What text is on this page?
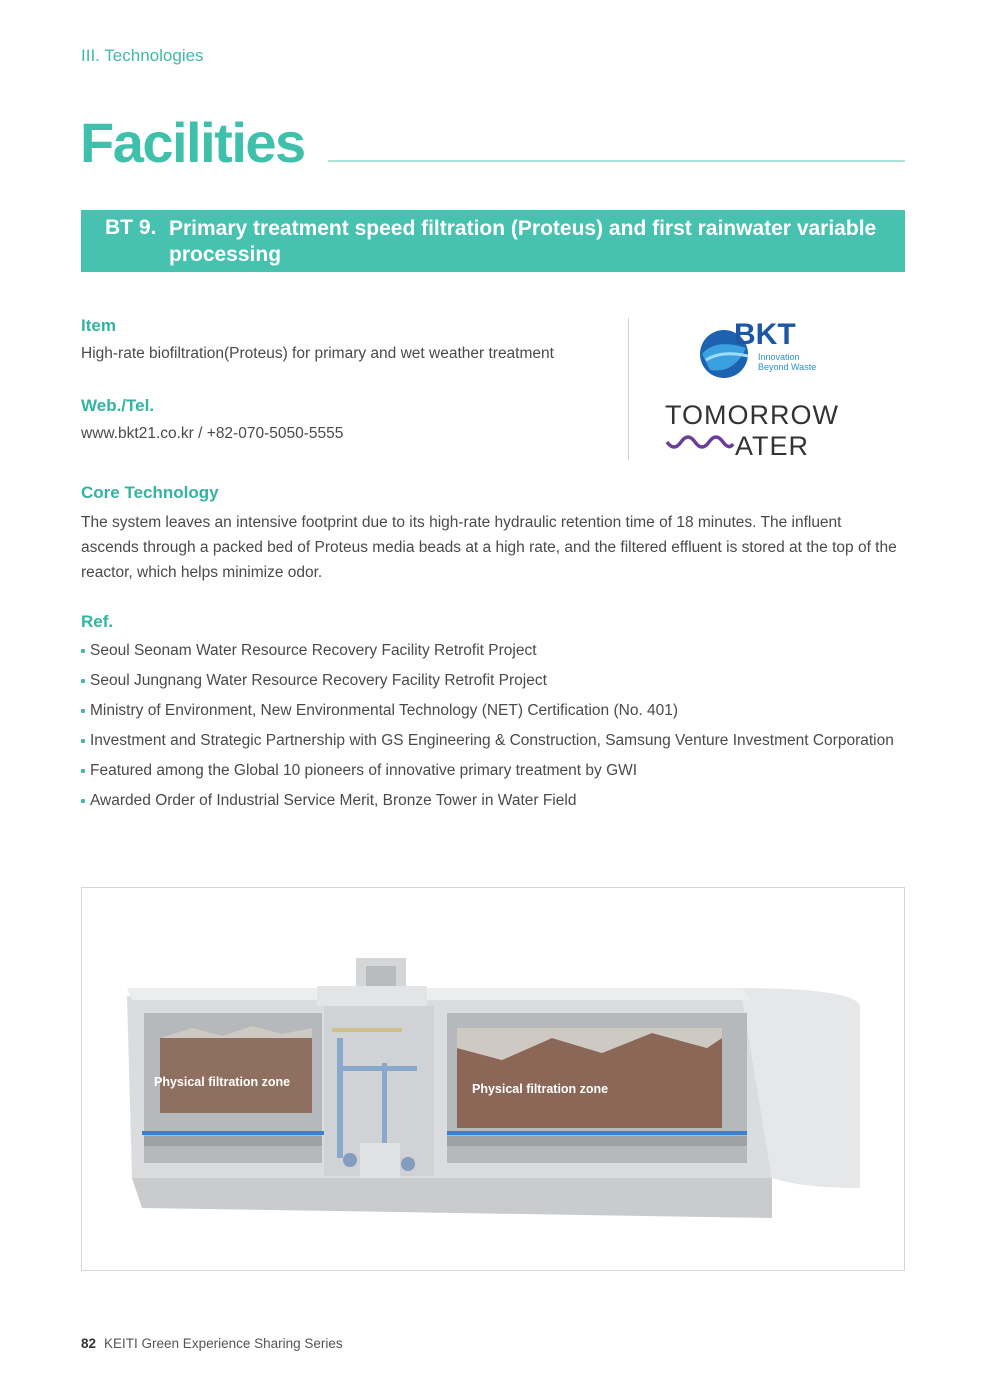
III. Technologies
Facilities
BT 9. Primary treatment speed filtration (Proteus) and first rainwater variable processing
Item
High-rate biofiltration(Proteus) for primary and wet weather treatment
Web./Tel.
www.bkt21.co.kr / +82-070-5050-5555
BKT
Innovation
Beyond Waste
TOMORROW
ATER
Core Technology
The system leaves an intensive footprint due to its high-rate hydraulic retention time of 18 minutes. The influent ascends through a packed bed of Proteus media beads at a high rate, and the filtered effluent is stored at the top of the reactor, which helps minimize odor.
Ref.
Seoul Seonam Water Resource Recovery Facility Retrofit Project
Seoul Jungnang Water Resource Recovery Facility Retrofit Project
Ministry of Environment, New Environmental Technology (NET) Certification (No. 401)
Investment and Strategic Partnership with GS Engineering & Construction, Samsung Venture Investment Corporation
Featured among the Global 10 pioneers of innovative primary treatment by GWI
Awarded Order of Industrial Service Merit, Bronze Tower in Water Field
Physical filtration zone	Physical filtration zone
82 KEITI Green Experience Sharing Series
